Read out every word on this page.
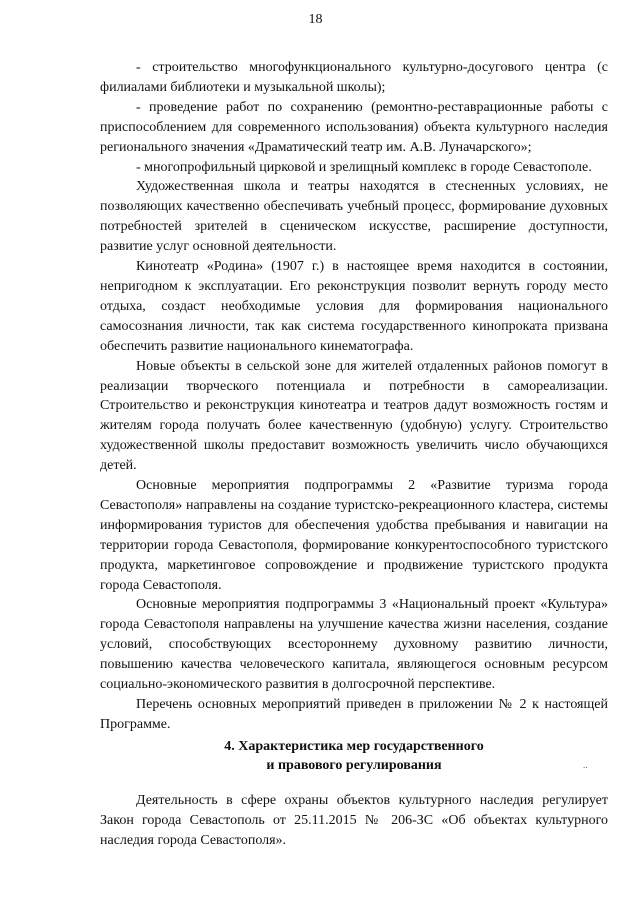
18

- строительство многофункционального культурно-досугового центра (с филиалами библиотеки и музыкальной школы);

- проведение работ по сохранению (ремонтно-реставрационные работы с приспособлением для современного использования) объекта культурного наследия регионального значения «Драматический театр им. А.В. Луначарского»;

- многопрофильный цирковой и зрелищный комплекс в городе Севастополе.

Художественная школа и театры находятся в стесненных условиях, не позволяющих качественно обеспечивать учебный процесс, формирование духовных потребностей зрителей в сценическом искусстве, расширение доступности, развитие услуг основной деятельности.

Кинотеатр «Родина» (1907 г.) в настоящее время находится в состоянии, непригодном к эксплуатации. Его реконструкция позволит вернуть городу место отдыха, создаст необходимые условия для формирования национального самосознания личности, так как система государственного кинопроката призвана обеспечить развитие национального кинематографа.

Новые объекты в сельской зоне для жителей отдаленных районов помогут в реализации творческого потенциала и потребности в самореализации. Строительство и реконструкция кинотеатра и театров дадут возможность гостям и жителям города получать более качественную (удобную) услугу. Строительство художественной школы предоставит возможность увеличить число обучающихся детей.

Основные мероприятия подпрограммы 2 «Развитие туризма города Севастополя» направлены на создание туристско-рекреационного кластера, системы информирования туристов для обеспечения удобства пребывания и навигации на территории города Севастополя, формирование конкурентоспособного туристского продукта, маркетинговое сопровождение и продвижение туристского продукта города Севастополя.

Основные мероприятия подпрограммы 3 «Национальный проект «Культура» города Севастополя направлены на улучшение качества жизни населения, создание условий, способствующих всестороннему духовному развитию личности, повышению качества человеческого капитала, являющегося основным ресурсом социально-экономического развития в долгосрочной перспективе.

Перечень основных мероприятий приведен в приложении № 2 к настоящей Программе.

4. Характеристика мер государственного
и правового регулирования	..

Деятельность в сфере охраны объектов культурного наследия регулирует Закон города Севастополь от 25.11.2015 № 206-ЗС «Об объектах культурного наследия города Севастополя».
